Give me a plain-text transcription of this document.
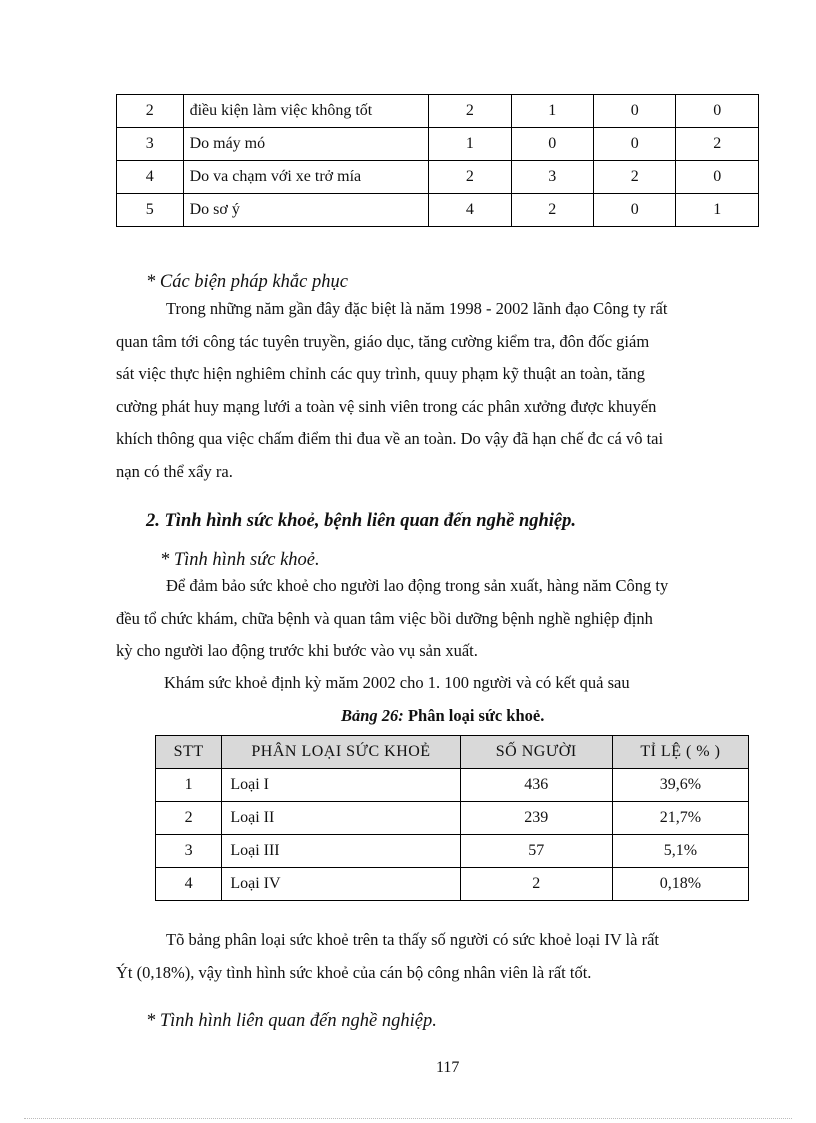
2	điều kiện làm việc không tốt	2	1	0	0
3	Do máy mó	1	0	0	2
4	Do va chạm với xe trở mía	2	3	2	0
5	Do sơ ý	4	2	0	1
* Các biện pháp khắc phục
Trong những năm gần đây đặc biệt là năm 1998 - 2002 lãnh đạo Công ty rất
quan tâm tới công tác tuyên truyền, giáo dục, tăng cường kiểm tra, đôn đốc giám
sát việc thực hiện nghiêm chỉnh các quy trình, quuy phạm kỹ thuật an toàn, tăng
cường phát huy mạng lưới a toàn vệ sinh viên trong các phân xưởng được khuyến
khích thông qua việc chấm điểm thi đua về an toàn. Do vậy đã hạn chế đc cá vô tai
nạn có thể xẩy ra.
2. Tình hình sức khoẻ, bệnh liên quan đến nghề nghiệp.
* Tình hình sức khoẻ.
Để đảm bảo sức khoẻ cho người lao động trong sản xuất, hàng năm Công ty
đều tổ chức khám, chữa bệnh và quan tâm việc bồi dưỡng bệnh nghề nghiệp định
kỳ cho người lao động trước khi bước vào vụ sản xuất.
Khám sức khoẻ định kỳ măm 2002 cho 1. 100 người và có kết quả sau
Bảng 26: Phân loại sức khoẻ.
STT	PHÂN LOẠI SỨC KHOẺ	SỐ NGƯỜI	TỈ LỆ ( % )
1	Loại I	436	39,6%
2	Loại II	239	21,7%
3	Loại III	57	5,1%
4	Loại IV	2	0,18%
Tõ bảng phân loại sức khoẻ trên ta thấy số người có sức khoẻ loại IV là rất
Ýt (0,18%), vậy tình hình sức khoẻ của cán bộ công nhân viên là rất tốt.
* Tình hình liên quan đến nghề nghiệp.
117
